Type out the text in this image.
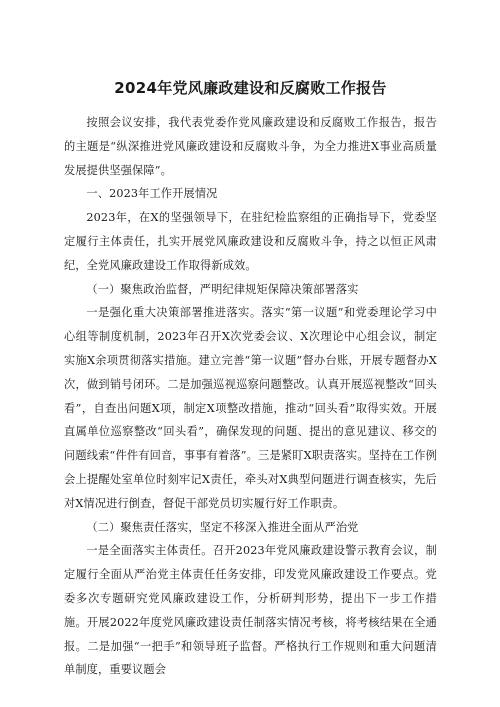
2024年党风廉政建设和反腐败工作报告

按照会议安排，我代表党委作党风廉政建设和反腐败工作报告，报告的主题是“纵深推进党风廉政建设和反腐败斗争，为全力推进X事业高质量发展提供坚强保障”。

一、2023年工作开展情况

2023年，在X的坚强领导下，在驻纪检监察组的正确指导下，党委坚定履行主体责任，扎实开展党风廉政建设和反腐败斗争，持之以恒正风肃纪，全党风廉政建设工作取得新成效。

（一）聚焦政治监督，严明纪律规矩保障决策部署落实

一是强化重大决策部署推进落实。落实“第一议题”和党委理论学习中心组等制度机制，2023年召开X次党委会议、X次理论中心组会议，制定实施X余项贯彻落实措施。建立完善“第一议题”督办台账，开展专题督办X次，做到销号闭环。二是加强巡视巡察问题整改。认真开展巡视整改“回头看”，自查出问题X项，制定X项整改措施，推动“回头看”取得实效。开展直属单位巡察整改“回头看”，确保发现的问题、提出的意见建议、移交的问题线索“件件有回音，事事有着落”。三是紧盯X职责落实。坚持在工作例会上提醒处室单位时刻牢记X责任，牵头对X典型问题进行调查核实，先后对X情况进行倒查，督促干部党员切实履行好工作职责。

（二）聚焦责任落实，坚定不移深入推进全面从严治党

一是全面落实主体责任。召开2023年党风廉政建设警示教育会议，制定履行全面从严治党主体责任任务安排，印发党风廉政建设工作要点。党委多次专题研究党风廉政建设工作，分析研判形势，提出下一步工作措施。开展2022年度党风廉政建设责任制落实情况考核，将考核结果在全通报。二是加强“一把手”和领导班子监督。严格执行工作规则和重大问题清单制度，重要议题会
